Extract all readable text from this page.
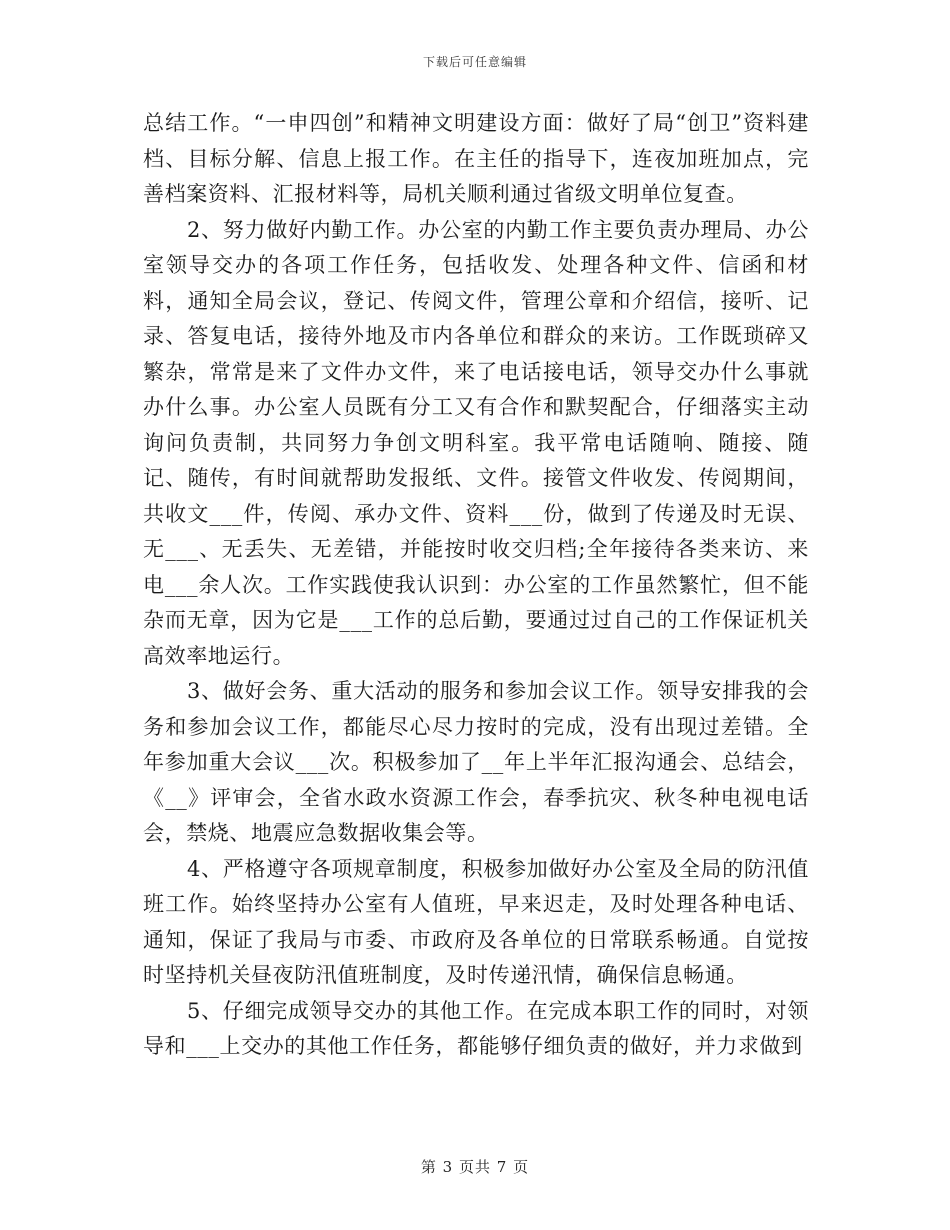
下载后可任意编辑

总结工作。“一申四创”和精神文明建设方面：做好了局“创卫”资料建档、目标分解、信息上报工作。在主任的指导下，连夜加班加点，完善档案资料、汇报材料等，局机关顺利通过省级文明单位复查。

2、努力做好内勤工作。办公室的内勤工作主要负责办理局、办公室领导交办的各项工作任务，包括收发、处理各种文件、信函和材料，通知全局会议，登记、传阅文件，管理公章和介绍信，接听、记录、答复电话，接待外地及市内各单位和群众的来访。工作既琐碎又繁杂，常常是来了文件办文件，来了电话接电话，领导交办什么事就办什么事。办公室人员既有分工又有合作和默契配合，仔细落实主动询问负责制，共同努力争创文明科室。我平常电话随响、随接、随记、随传，有时间就帮助发报纸、文件。接管文件收发、传阅期间，共收文___件，传阅、承办文件、资料___份，做到了传递及时无误、无___、无丢失、无差错，并能按时收交归档;全年接待各类来访、来电___余人次。工作实践使我认识到：办公室的工作虽然繁忙，但不能杂而无章，因为它是___工作的总后勤，要通过过自己的工作保证机关高效率地运行。

3、做好会务、重大活动的服务和参加会议工作。领导安排我的会务和参加会议工作，都能尽心尽力按时的完成，没有出现过差错。全年参加重大会议___次。积极参加了__年上半年汇报沟通会、总结会，《__》评审会，全省水政水资源工作会，春季抗灾、秋冬种电视电话会，禁烧、地震应急数据收集会等。

4、严格遵守各项规章制度，积极参加做好办公室及全局的防汛值班工作。始终坚持办公室有人值班，早来迟走，及时处理各种电话、通知，保证了我局与市委、市政府及各单位的日常联系畅通。自觉按时坚持机关昼夜防汛值班制度，及时传递汛情，确保信息畅通。

5、仔细完成领导交办的其他工作。在完成本职工作的同时，对领导和___上交办的其他工作任务，都能够仔细负责的做好，并力求做到

第 3 页共 7 页
